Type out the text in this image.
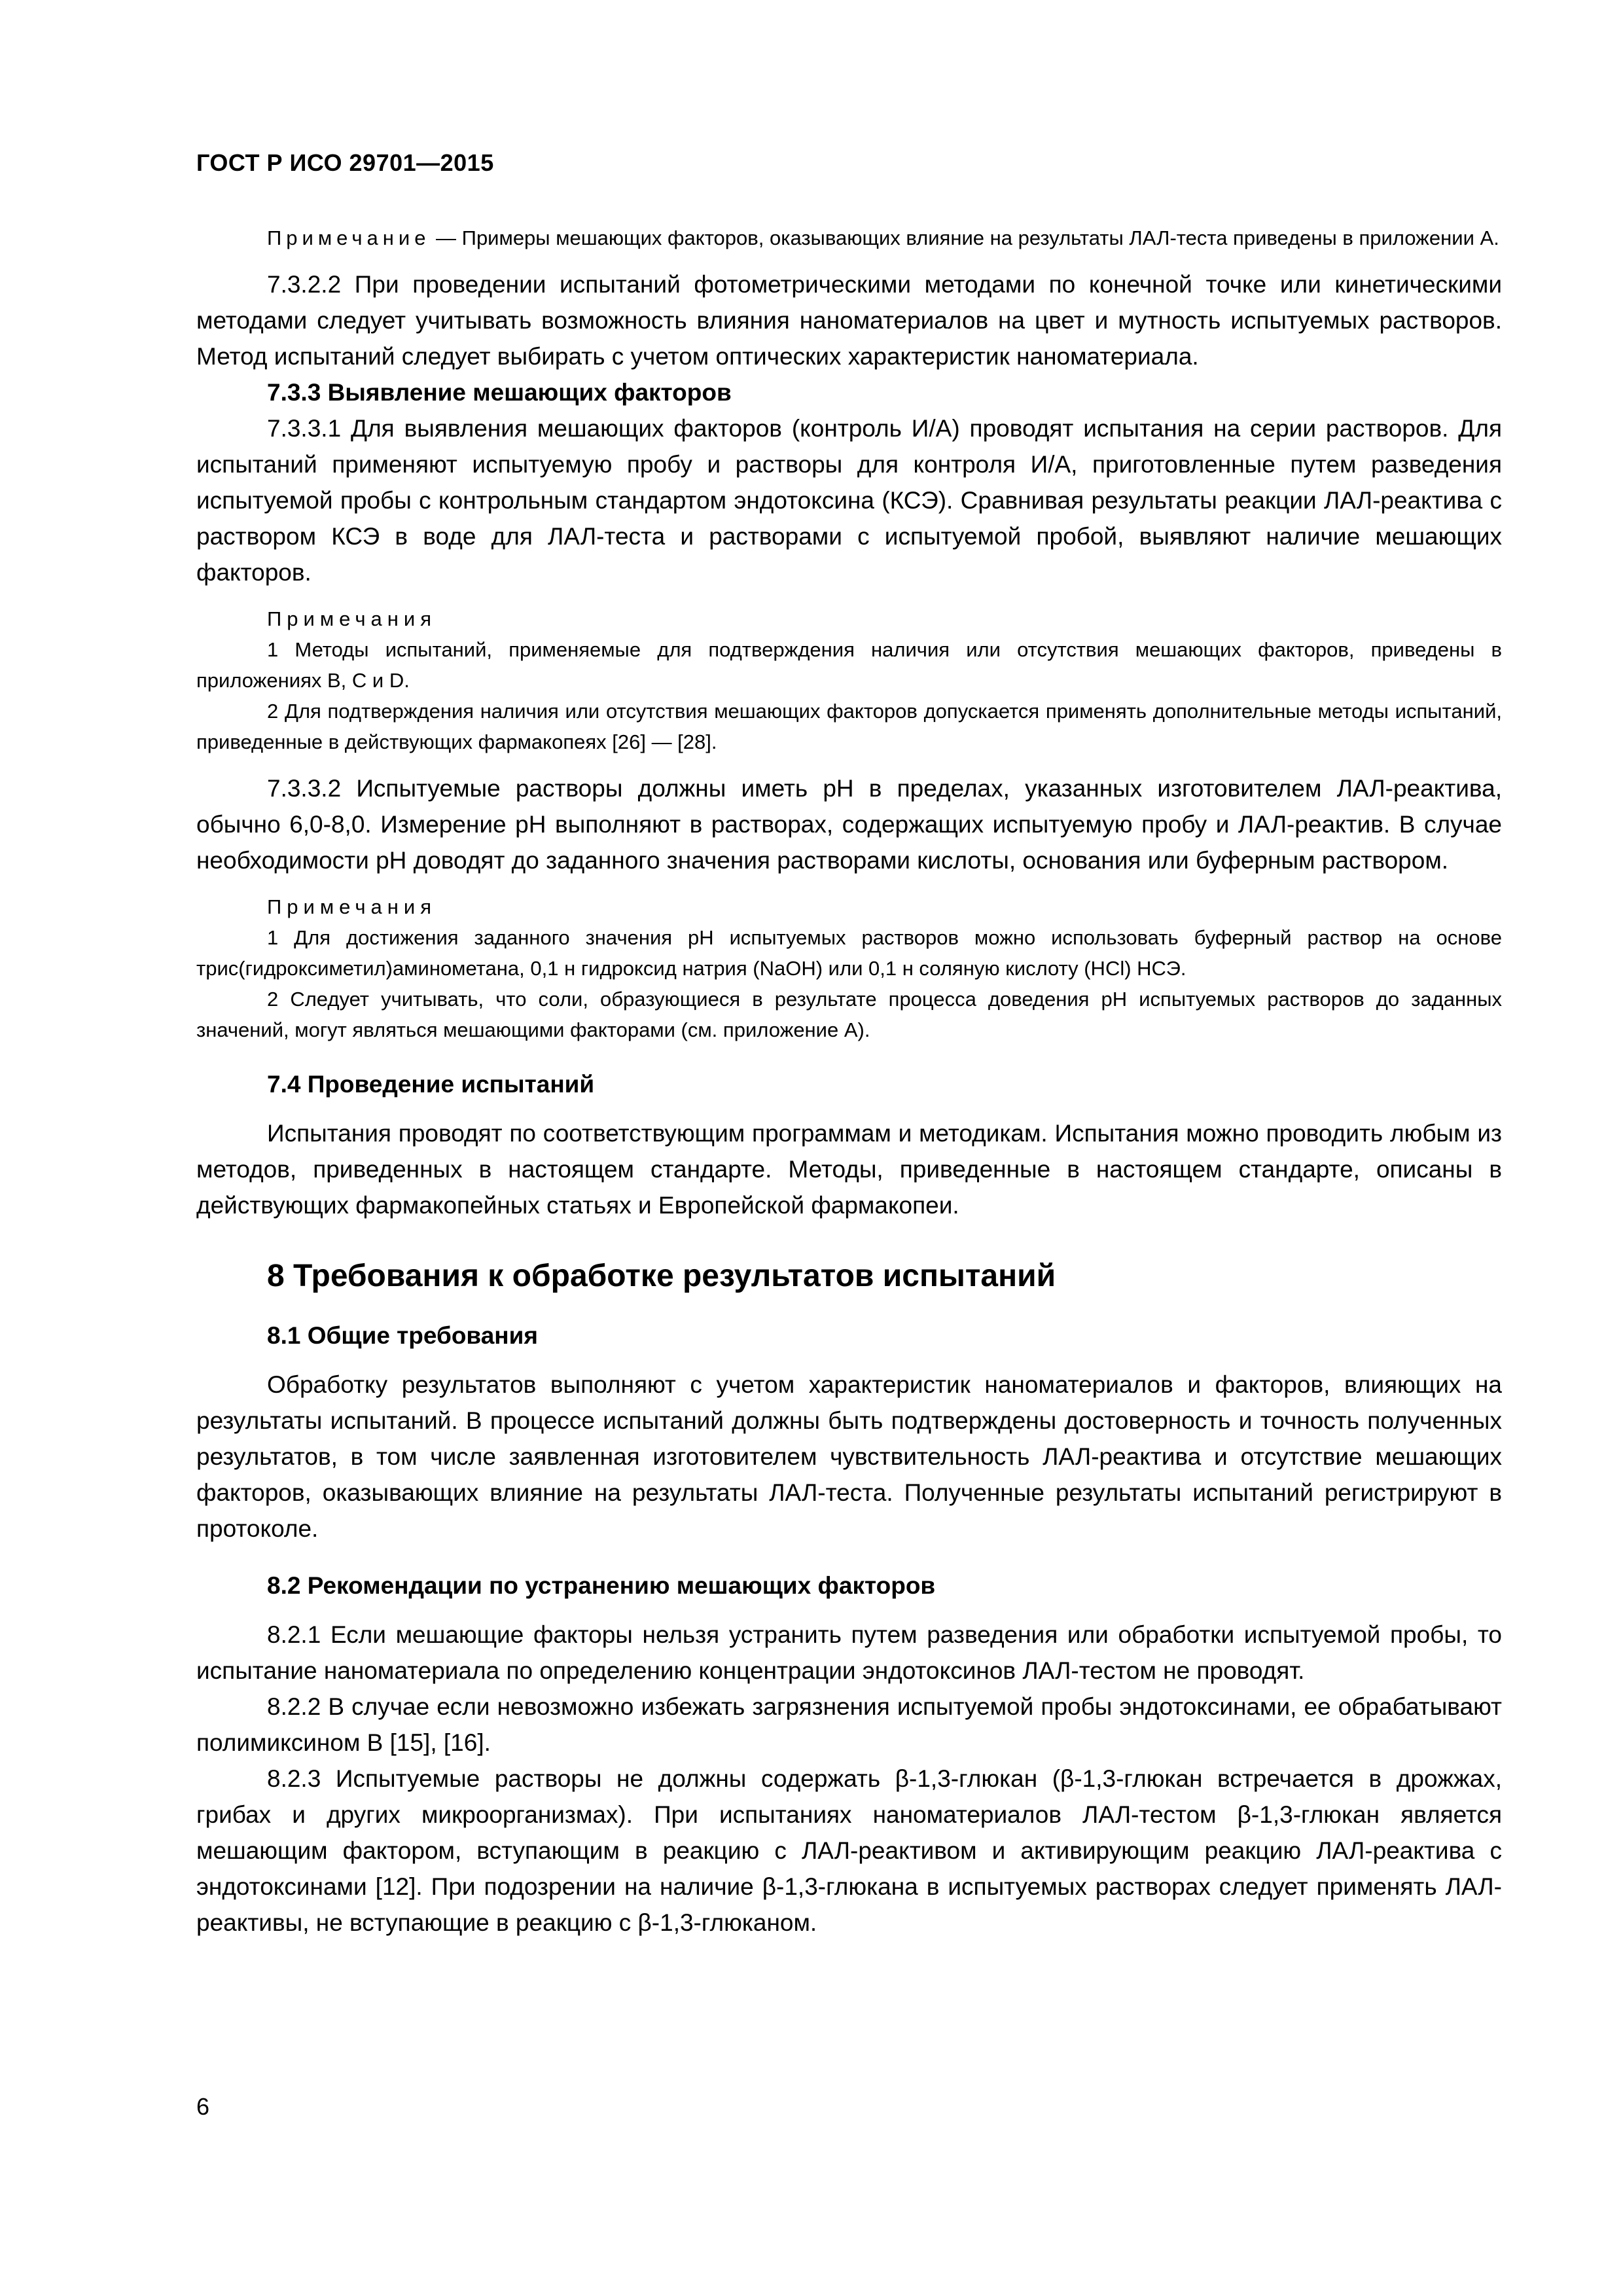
ГОСТ Р ИСО 29701—2015

Примечание — Примеры мешающих факторов, оказывающих влияние на результаты ЛАЛ-теста приведены в приложении А.

7.3.2.2 При проведении испытаний фотометрическими методами по конечной точке или кинетическими методами следует учитывать возможность влияния наноматериалов на цвет и мутность испытуемых растворов. Метод испытаний следует выбирать с учетом оптических характеристик наноматериала.

7.3.3 Выявление мешающих факторов

7.3.3.1 Для выявления мешающих факторов (контроль И/А) проводят испытания на серии растворов. Для испытаний применяют испытуемую пробу и растворы для контроля И/А, приготовленные путем разведения испытуемой пробы с контрольным стандартом эндотоксина (КСЭ). Сравнивая результаты реакции ЛАЛ-реактива с раствором КСЭ в воде для ЛАЛ-теста и растворами с испытуемой пробой, выявляют наличие мешающих факторов.

Примечания

1 Методы испытаний, применяемые для подтверждения наличия или отсутствия мешающих факторов, приведены в приложениях В, С и D.

2 Для подтверждения наличия или отсутствия мешающих факторов допускается применять дополнительные методы испытаний, приведенные в действующих фармакопеях [26] — [28].

7.3.3.2 Испытуемые растворы должны иметь рН в пределах, указанных изготовителем ЛАЛ-реактива, обычно 6,0-8,0. Измерение рН выполняют в растворах, содержащих испытуемую пробу и ЛАЛ-реактив. В случае необходимости рН доводят до заданного значения растворами кислоты, основания или буферным раствором.

Примечания

1 Для достижения заданного значения рН испытуемых растворов можно использовать буферный раствор на основе трис(гидроксиметил)аминометана, 0,1 н гидроксид натрия (NaOH) или 0,1 н соляную кислоту (HCl) НСЭ.

2 Следует учитывать, что соли, образующиеся в результате процесса доведения рН испытуемых растворов до заданных значений, могут являться мешающими факторами (см. приложение А).

7.4 Проведение испытаний

Испытания проводят по соответствующим программам и методикам. Испытания можно проводить любым из методов, приведенных в настоящем стандарте. Методы, приведенные в настоящем стандарте, описаны в действующих фармакопейных статьях и Европейской фармакопеи.

8 Требования к обработке результатов испытаний

8.1 Общие требования

Обработку результатов выполняют с учетом характеристик наноматериалов и факторов, влияющих на результаты испытаний. В процессе испытаний должны быть подтверждены достоверность и точность полученных результатов, в том числе заявленная изготовителем чувствительность ЛАЛ-реактива и отсутствие мешающих факторов, оказывающих влияние на результаты ЛАЛ-теста. Полученные результаты испытаний регистрируют в протоколе.

8.2 Рекомендации по устранению мешающих факторов

8.2.1 Если мешающие факторы нельзя устранить путем разведения или обработки испытуемой пробы, то испытание наноматериала по определению концентрации эндотоксинов ЛАЛ-тестом не проводят.

8.2.2 В случае если невозможно избежать загрязнения испытуемой пробы эндотоксинами, ее обрабатывают полимиксином В [15], [16].

8.2.3 Испытуемые растворы не должны содержать β-1,3-глюкан (β-1,3-глюкан встречается в дрожжах, грибах и других микроорганизмах). При испытаниях наноматериалов ЛАЛ-тестом β-1,3-глюкан является мешающим фактором, вступающим в реакцию с ЛАЛ-реактивом и активирующим реакцию ЛАЛ-реактива с эндотоксинами [12]. При подозрении на наличие β-1,3-глюкана в испытуемых растворах следует применять ЛАЛ-реактивы, не вступающие в реакцию с β-1,3-глюканом.

6
